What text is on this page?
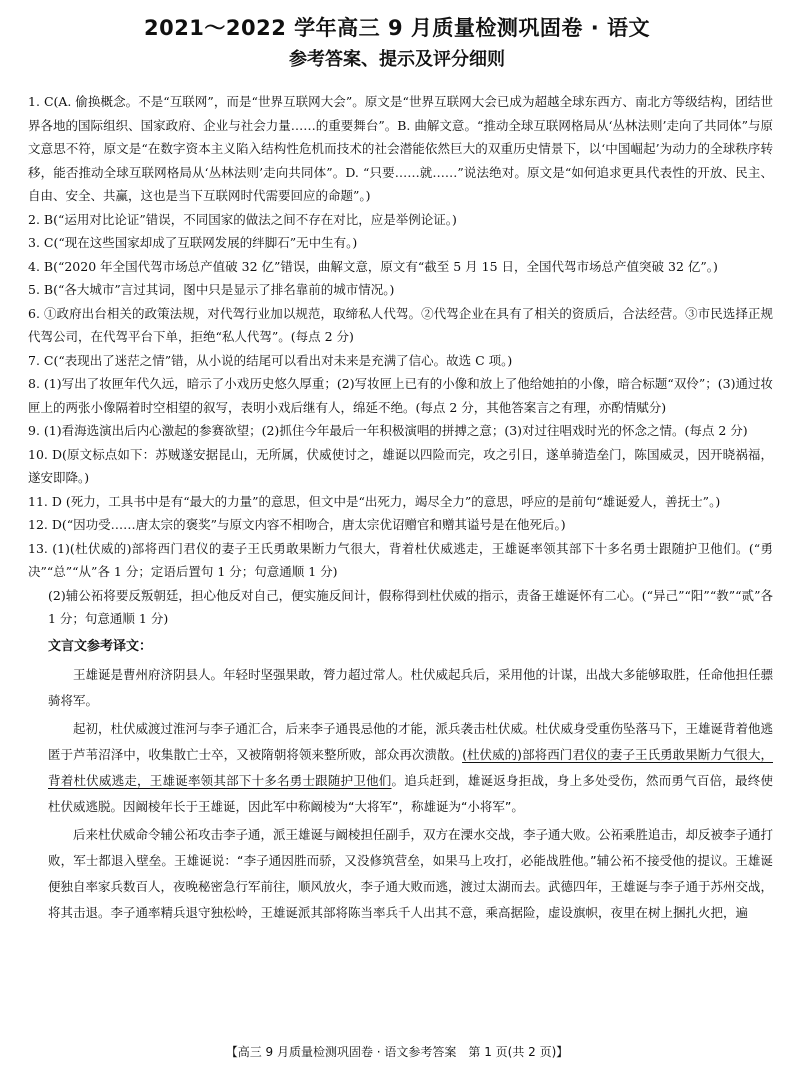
2021～2022 学年高三 9 月质量检测巩固卷 · 语文
参考答案、提示及评分细则

1. C(A. 偷换概念。不是“互联网”，而是“世界互联网大会”。原文是“世界互联网大会已成为超越全球东西方、南北方等级结构，团结世界各地的国际组织、国家政府、企业与社会力量……的重要舞台”。B. 曲解文意。“推动全球互联网格局从‘丛林法则’走向了共同体”与原文意思不符，原文是“在数字资本主义陷入结构性危机而技术的社会潜能依然巨大的双重历史情景下，以‘中国崛起’为动力的全球秩序转移，能否推动全球互联网格局从‘丛林法则’走向共同体”。D. “只要……就……”说法绝对。原文是“如何追求更具代表性的开放、民主、自由、安全、共赢，这也是当下互联网时代需要回应的命题”。)

2. B(“运用对比论证”错误，不同国家的做法之间不存在对比，应是举例论证。)

3. C(“现在这些国家却成了互联网发展的绊脚石”无中生有。)

4. B(“2020 年全国代驾市场总产值破 32 亿”错误，曲解文意，原文有“截至 5 月 15 日，全国代驾市场总产值突破 32 亿”。)

5. B(“各大城市”言过其词，图中只是显示了排名靠前的城市情况。)

6. ①政府出台相关的政策法规，对代驾行业加以规范，取缔私人代驾。②代驾企业在具有了相关的资质后，合法经营。③市民选择正规代驾公司，在代驾平台下单，拒绝“私人代驾”。(每点 2 分)

7. C(“表现出了迷茫之情”错，从小说的结尾可以看出对未来是充满了信心。故选 C 项。)

8. (1)写出了妆匣年代久远，暗示了小戏历史悠久厚重；(2)写妆匣上已有的小像和放上了他给她拍的小像，暗合标题“双伶”；(3)通过妆匣上的两张小像隔着时空相望的叙写，表明小戏后继有人，绵延不绝。(每点 2 分，其他答案言之有理，亦酌情赋分)

9. (1)看海选演出后内心激起的参赛欲望；(2)抓住今年最后一年积极演唱的拼搏之意；(3)对过往唱戏时光的怀念之情。(每点 2 分)

10. D(原文标点如下：苏贼遂安据昆山，无所属，伏威使讨之，雄诞以四险而完，攻之引日，遂单骑造垒门，陈国威灵，因开晓祸福，遂安即降。)

11. D (死力，工具书中是有“最大的力量”的意思，但文中是“出死力，竭尽全力”的意思，呼应的是前句“雄诞爱人，善抚士”。)

12. D(“因功受……唐太宗的褒奖”与原文内容不相吻合，唐太宗优诏赠官和赠其谥号是在他死后。)

13. (1)(杜伏威的)部将西门君仪的妻子王氏勇敢果断力气很大，背着杜伏威逃走，王雄诞率领其部下十多名勇士跟随护卫他们。(“勇决”“总”“从”各 1 分；定语后置句 1 分；句意通顺 1 分)

(2)辅公祏将要反叛朝廷，担心他反对自己，便实施反间计，假称得到杜伏威的指示，责备王雄诞怀有二心。(“异己”“阳”“教”“贰”各 1 分；句意通顺 1 分)

文言文参考译文：

王雄诞是曹州府济阴县人。年轻时坚强果敢，膂力超过常人。杜伏威起兵后，采用他的计谋，出战大多能够取胜，任命他担任骠骑将军。

起初，杜伏威渡过淮河与李子通汇合，后来李子通畏忌他的才能，派兵袭击杜伏威。杜伏威身受重伤坠落马下，王雄诞背着他逃匿于芦苇沼泽中，收集散亡士卒，又被隋朝将领来整所败，部众再次溃散。(杜伏威的)部将西门君仪的妻子王氏勇敢果断力气很大，背着杜伏威逃走，王雄诞率领其部下十多名勇士跟随护卫他们。追兵赶到，雄诞返身拒战，身上多处受伤，然而勇气百倍，最终使杜伏威逃脱。因阚棱年长于王雄诞，因此军中称阚棱为“大将军”，称雄诞为“小将军”。

后来杜伏威命令辅公祏攻击李子通，派王雄诞与阚棱担任副手，双方在溧水交战，李子通大败。公祏乘胜追击，却反被李子通打败，军士都退入壁垒。王雄诞说：“李子通因胜而骄，又没修筑营垒，如果马上攻打，必能战胜他。”辅公祏不接受他的提议。王雄诞便独自率家兵数百人，夜晚秘密急行军前往，顺风放火，李子通大败而逃，渡过太湖而去。武德四年，王雄诞与李子通于苏州交战，将其击退。李子通率精兵退守独松岭，王雄诞派其部将陈当率兵千人出其不意，乘高据险，虚设旗帜，夜里在树上捆扎火把，遍

【高三 9 月质量检测巩固卷 · 语文参考答案　第 1 页(共 2 页)】
